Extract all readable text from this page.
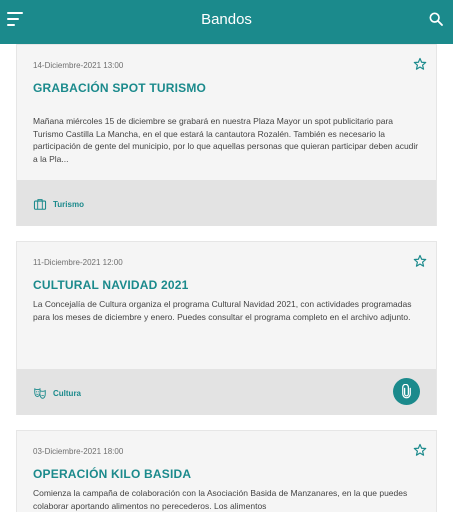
Bandos
14-Diciembre-2021 13:00
GRABACIÓN SPOT TURISMO
Mañana miércoles 15 de diciembre se grabará en nuestra Plaza Mayor un spot publicitario para Turismo Castilla La Mancha, en el que estará la cantautora Rozalén. También es necesario la participación de gente del municipio, por lo que aquellas personas que quieran participar deben acudir a la Pla...
Turismo
11-Diciembre-2021 12:00
CULTURAL NAVIDAD 2021
La Concejalía de Cultura organiza el programa Cultural Navidad 2021, con actividades programadas para los meses de diciembre y enero. Puedes consultar el programa completo en el archivo adjunto.
Cultura
03-Diciembre-2021 18:00
OPERACIÓN KILO BASIDA
Comienza la campaña de colaboración con la Asociación Basida de Manzanares, en la que puedes colaborar aportando alimentos no perecederos. Los alimentos
